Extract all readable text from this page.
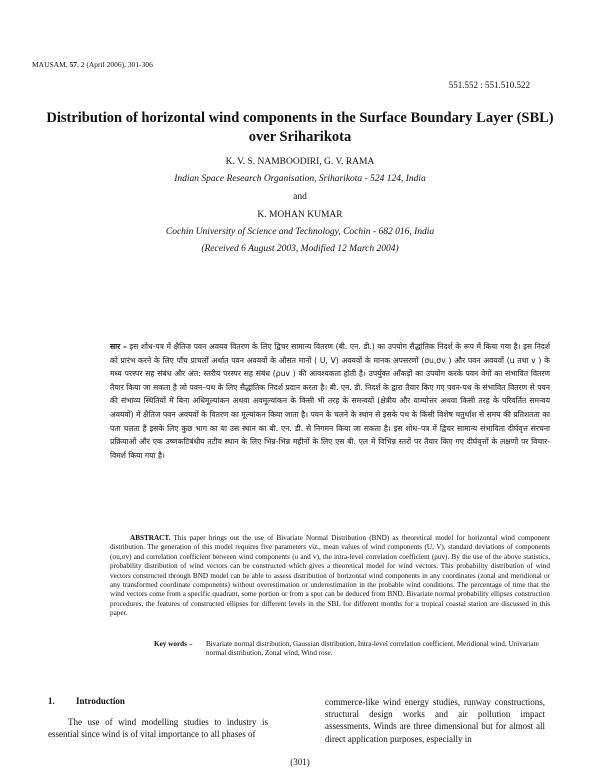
MAUSAM, 57, 2 (April 2006), 301-306
551.552 : 551.510.522
Distribution of horizontal wind components in the Surface Boundary Layer (SBL)
over Sriharikota
K. V. S. NAMBOODIRI, G. V. RAMA
Indian Space Research Organisation, Sriharikota - 524 124, India
and
K. MOHAN KUMAR
Cochin University of Science and Technology, Cochin - 682 016, India
(Received 6 August 2003, Modified 12 March 2004)
सार – इस शोध-पत्र में क्षैतिज पवन अवयव वितरण के लिए द्विचर सामान्य वितरण (बी. एन. डी.) का उपयोग सैद्धांतिक निदर्श के रूप में किया गया है। इस निदर्श को प्रारंभ करने के लिए पाँच प्राचलों अर्थात पवन अवयवों के औसत मानों ( U, V) अवयवों के मानक अपसरणों (σu,σv ) और पवन अवयवों (u तथा v ) के मध्य परस्पर सह संबंध और अंत: स्तरीय परस्पर सह संबंध (ρuv ) की आवश्यकता होती है। उपर्युक्त आँकड़ों का उपयोग करके पवन वेगों का संभावित वितरण तैयार किया जा सकता है जो पवन–पथ के लिए सैद्धांतिक निदर्श प्रदान करता है। बी. एन. डी. निदर्श के द्वारा तैयार किए गए पवन-पथ के संभावित वितरण से पवन की संभाव्य स्थितियों में बिना अधिमूल्यांकन अथवा अवमूल्यांकन के किसी भी तरह के समन्वयों (क्षेत्रीय और याम्योत्तर अथवा किसी तरह के परिवर्तित समन्वय अवयवों) में क्षैतिज पवन अवयवों के वितरण का मूल्यांकन किया जाता है। पवन के चलने के स्थान से इसके पथ के किसी विशेष चतुर्थांश से समय की प्रतिशतता का पता चलता है इसके लिए कुछ भाग का या उस स्थान का बी. एन. डी. से निगमन किया जा सकता है। इस शोध–पत्र में द्विचर सामान्य संभाविता दीर्घवृत्त संरचना प्रक्रियाओं और एक उष्णकटिबंधीय तटीय स्थान के लिए भिन्न-भिन्न महीनों के लिए एस बी. एल में विभिन्न स्तरों पर तैयार किए गए दीर्घवृत्तों के लक्षणों पर विचार-विमर्श किया गया है।
ABSTRACT. This paper brings out the use of Bivariate Normal Distribution (BND) as theoretical model for horizontal wind component distribution. The generation of this model requires five parameters viz., mean values of wind components (U, V), standard deviations of components (σu,σv) and correlation coefficient between wind components (u and v), the intra-level correlation coefficient (ρuv). By the use of the above statistics, probability distribution of wind vectors can be constructed which gives a theoretical model for wind vectors. This probability distribution of wind vectors constructed through BND model can be able to assess distribution of horizontal wind components in any coordinates (zonal and meridional or any transformed coordinate components) without overestimation or underestimation in the probable wind conditions. The percentage of time that the wind vectors come from a specific quadrant, some portion or from a spot can be deduced from BND. Bivariate normal probability ellipses construction procedures, the features of constructed ellipses for different levels in the SBL for different months for a tropical coastal station are discussed in this paper.
Key words – Bivariate normal distribution, Gaussian distribution, Intra-level correlation coefficient, Meridional wind, Univariate normal distribution, Zonal wind, Wind rose.
1. Introduction
The use of wind modelling studies to industry is essential since wind is of vital importance to all phases of
commerce-like wind energy studies, runway constructions, structural design works and air pollution impact assessments. Winds are three dimensional but for almost all direct application purposes, especially in
(301)
